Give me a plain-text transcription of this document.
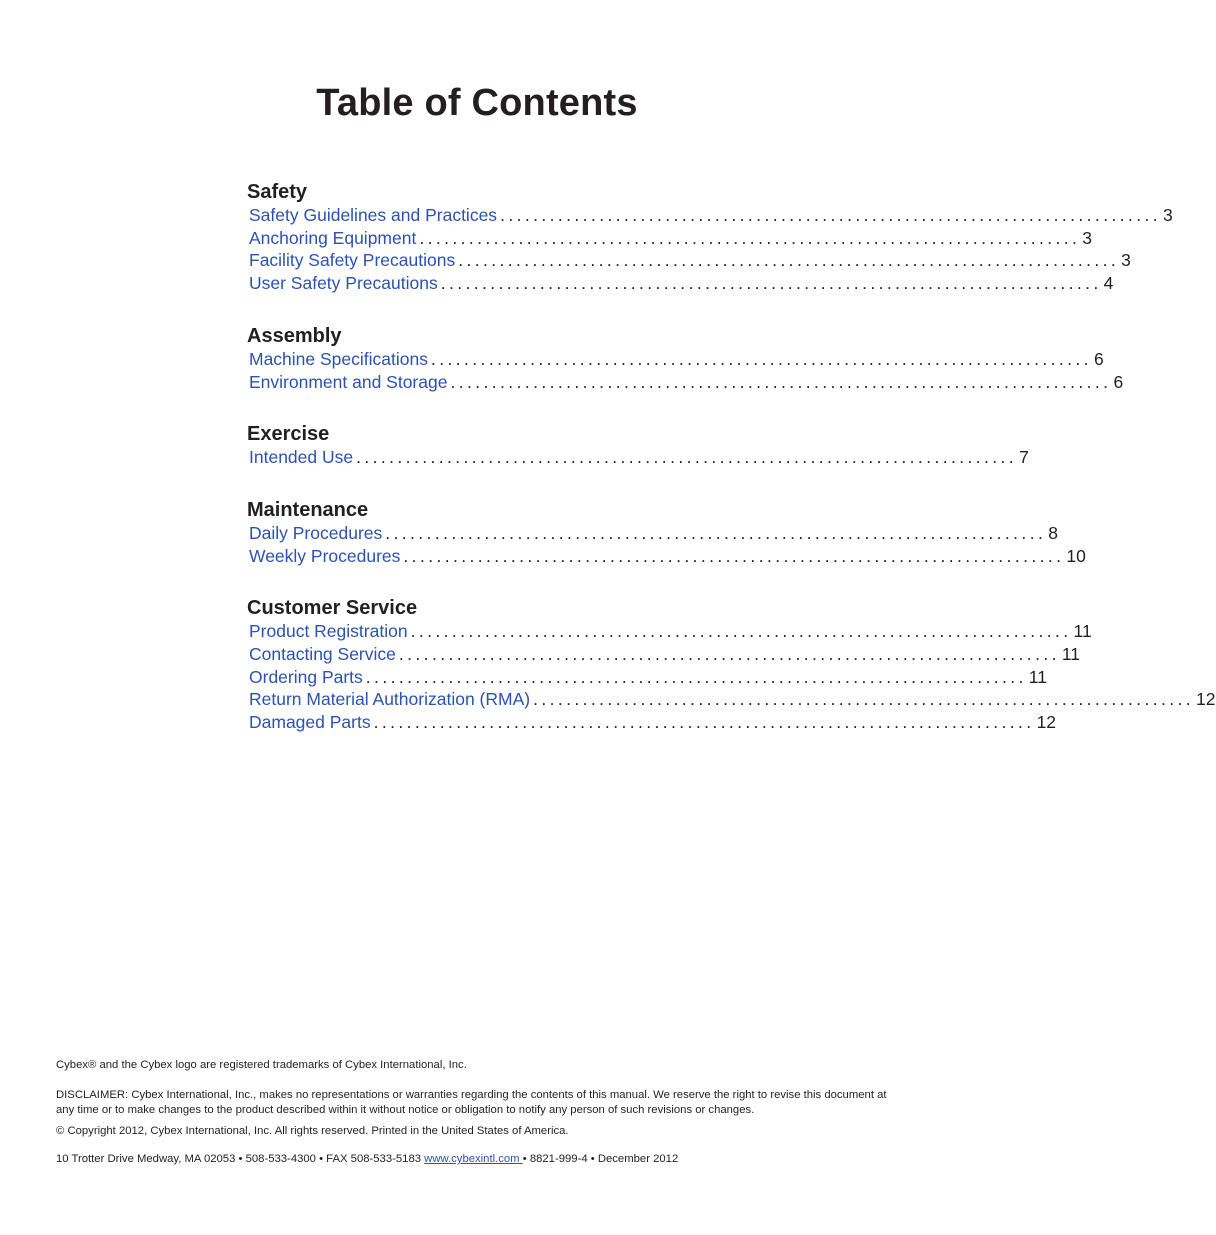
Table of Contents
Safety
Safety Guidelines and Practices ................................................................................ 3
Anchoring Equipment ................................................................................ 3
Facility Safety Precautions ................................................................................ 3
User Safety Precautions ................................................................................ 4
Assembly
Machine Specifications ................................................................................ 6
Environment and Storage ................................................................................ 6
Exercise
Intended Use ................................................................................ 7
Maintenance
Daily Procedures ................................................................................ 8
Weekly Procedures ................................................................................ 10
Customer Service
Product Registration ................................................................................ 11
Contacting Service ................................................................................ 11
Ordering Parts ................................................................................ 11
Return Material Authorization (RMA) ................................................................................ 12
Damaged Parts ................................................................................ 12

Cybex® and the Cybex logo are registered trademarks of Cybex International, Inc.

DISCLAIMER: Cybex International, Inc., makes no representations or warranties regarding the contents of this manual. We reserve the right to revise this document at any time or to make changes to the product described within it without notice or obligation to notify any person of such revisions or changes.

© Copyright 2012, Cybex International, Inc. All rights reserved. Printed in the United States of America.

10 Trotter Drive Medway, MA 02053 • 508-533-4300 • FAX 508-533-5183 www.cybexintl.com • 8821-999-4 • December 2012
